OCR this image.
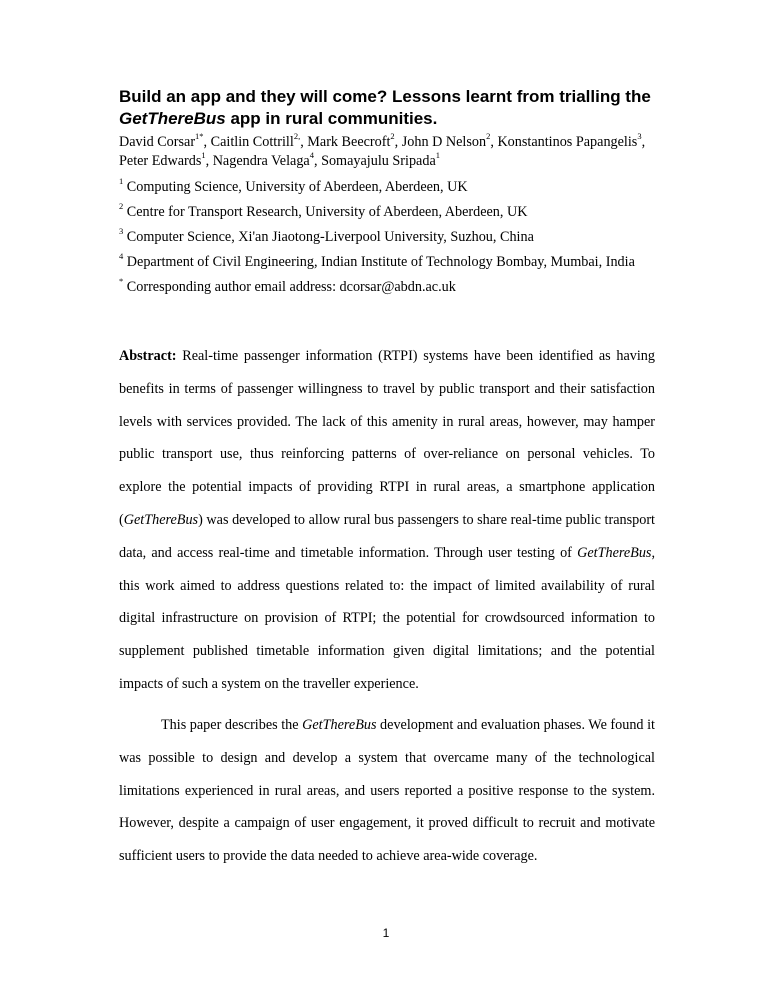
Build an app and they will come? Lessons learnt from trialling the GetThereBus app in rural communities.

David Corsar$^{1*}$, Caitlin Cottrill$^{2,}$, Mark Beecroft$^2$, John D Nelson$^2$, Konstantinos Papangelis$^3$,
Peter Edwards$^1$, Nagendra Velaga$^4$, Somayajulu Sripada$^1$

$^1$ Computing Science, University of Aberdeen, Aberdeen, UK

$^2$ Centre for Transport Research, University of Aberdeen, Aberdeen, UK

$^3$ Computer Science, Xi'an Jiaotong-Liverpool University, Suzhou, China

$^4$ Department of Civil Engineering, Indian Institute of Technology Bombay, Mumbai, India

* Corresponding author email address: dcorsar@abdn.ac.uk

Abstract: Real-time passenger information (RTPI) systems have been identified as having benefits in terms of passenger willingness to travel by public transport and their satisfaction levels with services provided. The lack of this amenity in rural areas, however, may hamper public transport use, thus reinforcing patterns of over-reliance on personal vehicles. To explore the potential impacts of providing RTPI in rural areas, a smartphone application (GetThereBus) was developed to allow rural bus passengers to share real-time public transport data, and access real-time and timetable information. Through user testing of GetThereBus, this work aimed to address questions related to: the impact of limited availability of rural digital infrastructure on provision of RTPI; the potential for crowdsourced information to supplement published timetable information given digital limitations; and the potential impacts of such a system on the traveller experience.

This paper describes the GetThereBus development and evaluation phases. We found it was possible to design and develop a system that overcame many of the technological limitations experienced in rural areas, and users reported a positive response to the system. However, despite a campaign of user engagement, it proved difficult to recruit and motivate sufficient users to provide the data needed to achieve area-wide coverage.

1
